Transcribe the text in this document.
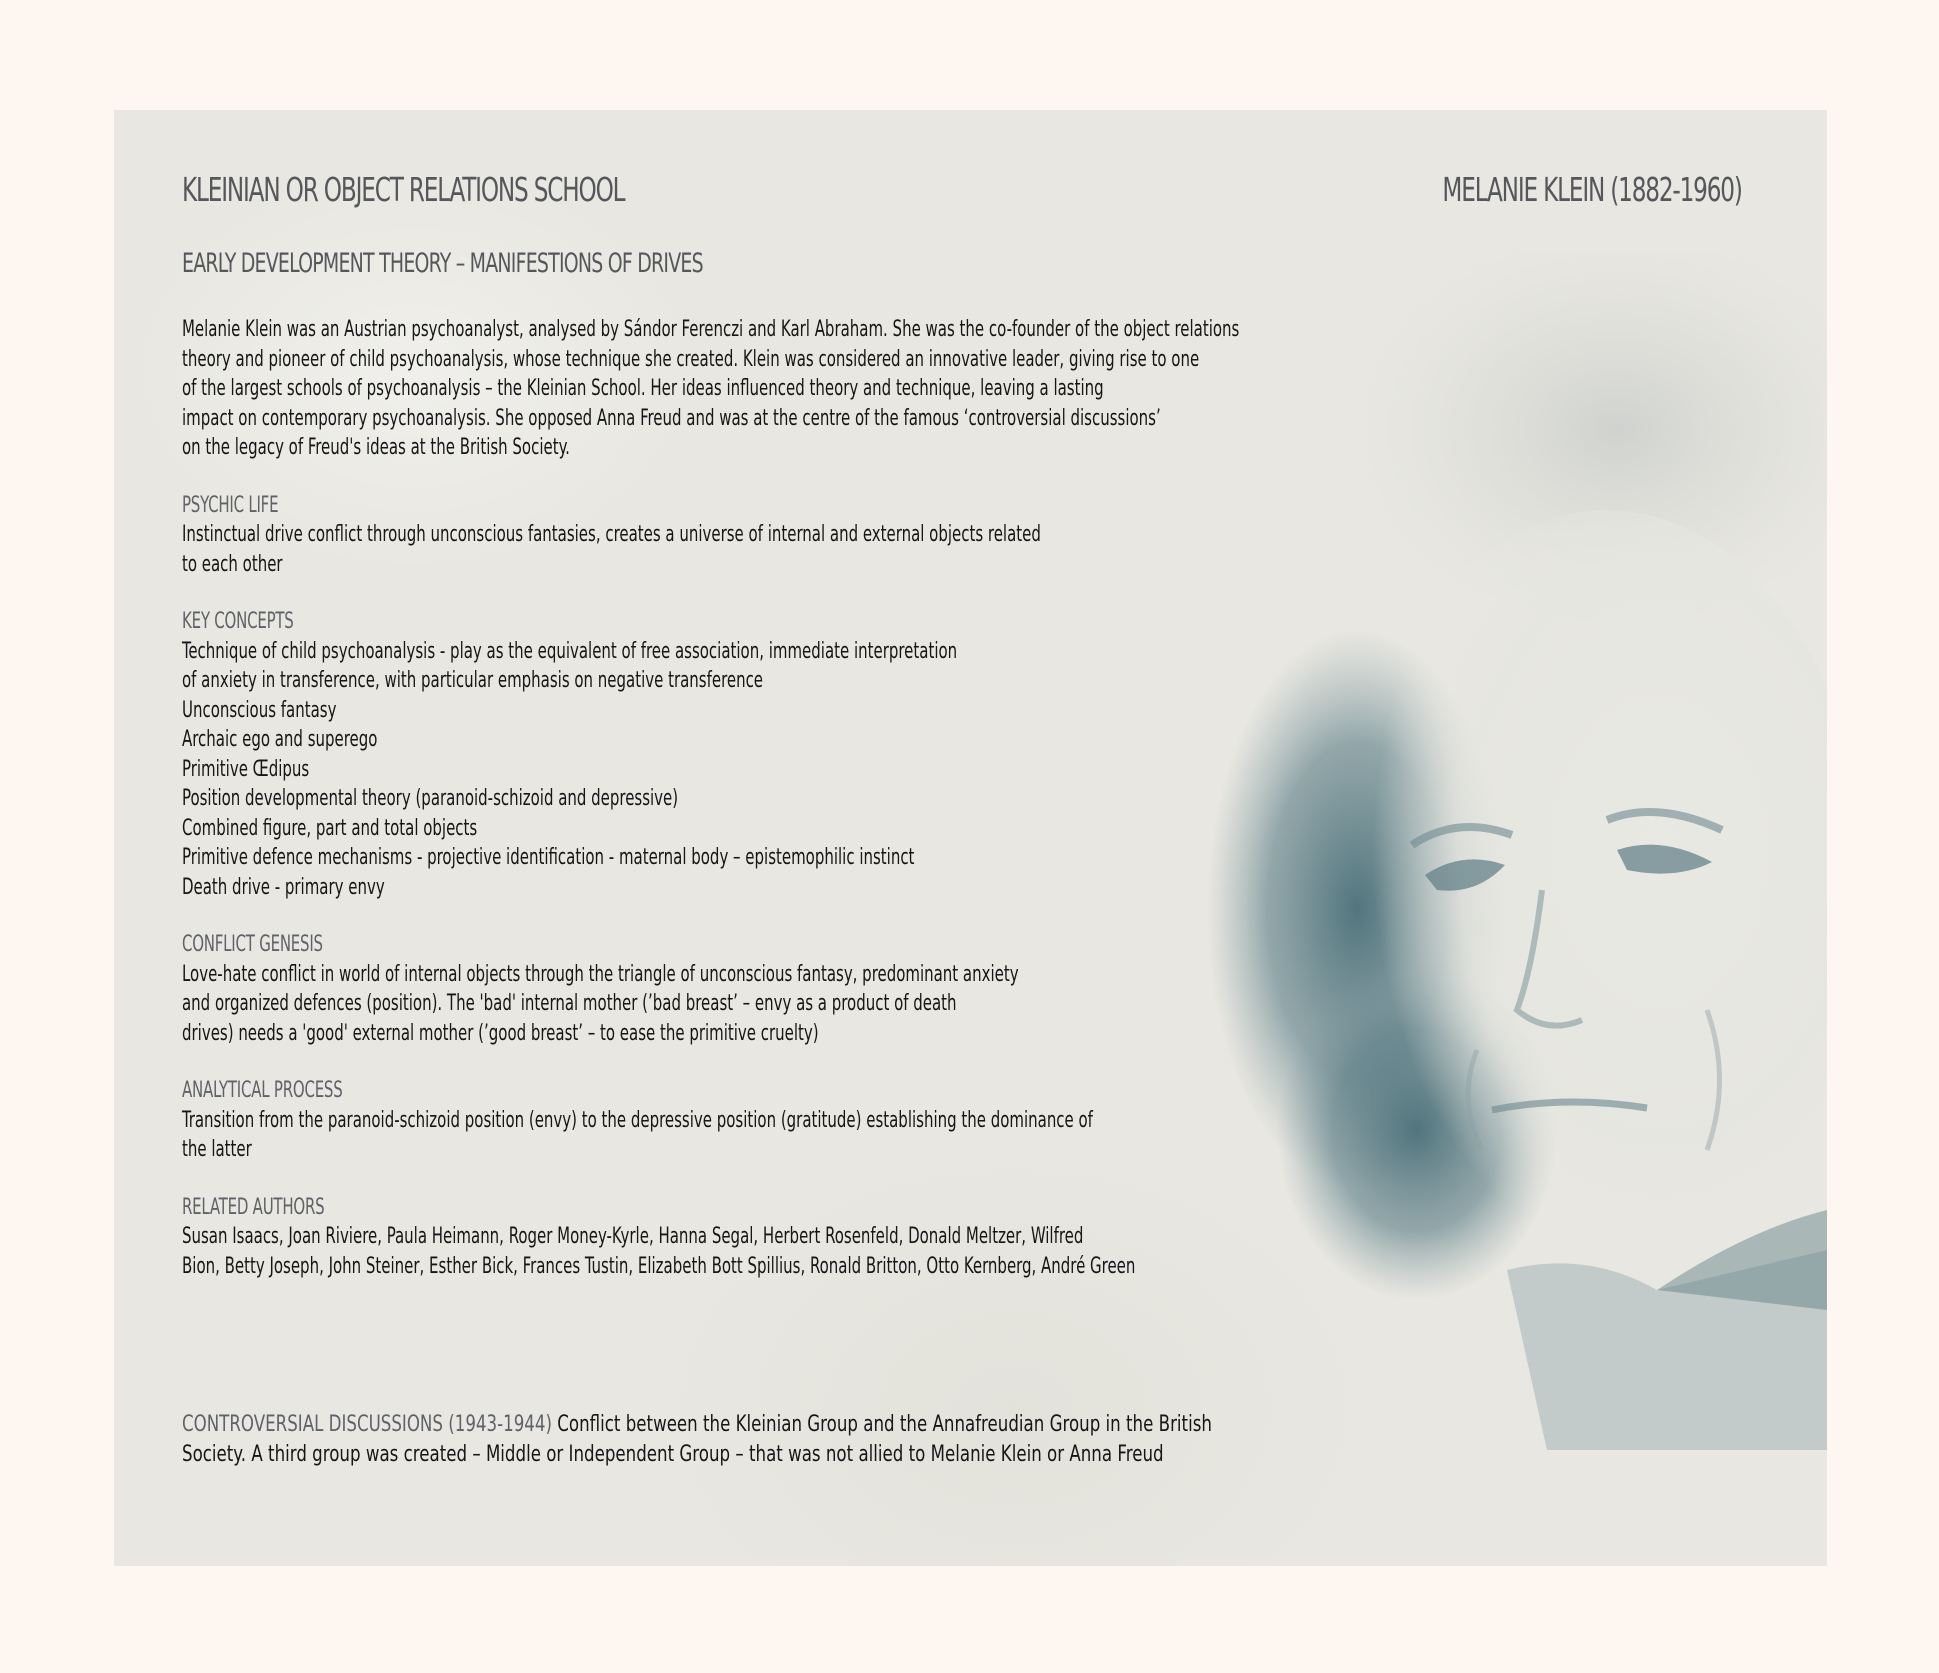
KLEINIAN OR OBJECT RELATIONS SCHOOL	MELANIE KLEIN (1882-1960)
EARLY DEVELOPMENT THEORY – MANIFESTIONS OF DRIVES
Melanie Klein was an Austrian psychoanalyst, analysed by Sándor Ferenczi and Karl Abraham. She was the co-founder of the object relations
theory and pioneer of child psychoanalysis, whose technique she created. Klein was considered an innovative leader, giving rise to one
of the largest schools of psychoanalysis – the Kleinian School. Her ideas influenced theory and technique, leaving a lasting
impact on contemporary psychoanalysis. She opposed Anna Freud and was at the centre of the famous ‘controversial discussions’
on the legacy of Freud's ideas at the British Society.
PSYCHIC LIFE
Instinctual drive conflict through unconscious fantasies, creates a universe of internal and external objects related
to each other
KEY CONCEPTS
Technique of child psychoanalysis - play as the equivalent of free association, immediate interpretation
of anxiety in transference, with particular emphasis on negative transference
Unconscious fantasy
Archaic ego and superego
Primitive Œdipus
Position developmental theory (paranoid-schizoid and depressive)
Combined figure, part and total objects
Primitive defence mechanisms - projective identification - maternal body – epistemophilic instinct
Death drive - primary envy
CONFLICT GENESIS
Love-hate conflict in world of internal objects through the triangle of unconscious fantasy, predominant anxiety
and organized defences (position). The 'bad' internal mother (’bad breast’ – envy as a product of death
drives) needs a 'good' external mother (’good breast’ – to ease the primitive cruelty)
ANALYTICAL PROCESS
Transition from the paranoid-schizoid position (envy) to the depressive position (gratitude) establishing the dominance of
the latter
RELATED AUTHORS
Susan Isaacs, Joan Riviere, Paula Heimann, Roger Money-Kyrle, Hanna Segal, Herbert Rosenfeld, Donald Meltzer, Wilfred
Bion, Betty Joseph, John Steiner, Esther Bick, Frances Tustin, Elizabeth Bott Spillius, Ronald Britton, Otto Kernberg, André Green
CONTROVERSIAL DISCUSSIONS (1943-1944) Conflict between the Kleinian Group and the Annafreudian Group in the British
Society. A third group was created – Middle or Independent Group – that was not allied to Melanie Klein or Anna Freud
